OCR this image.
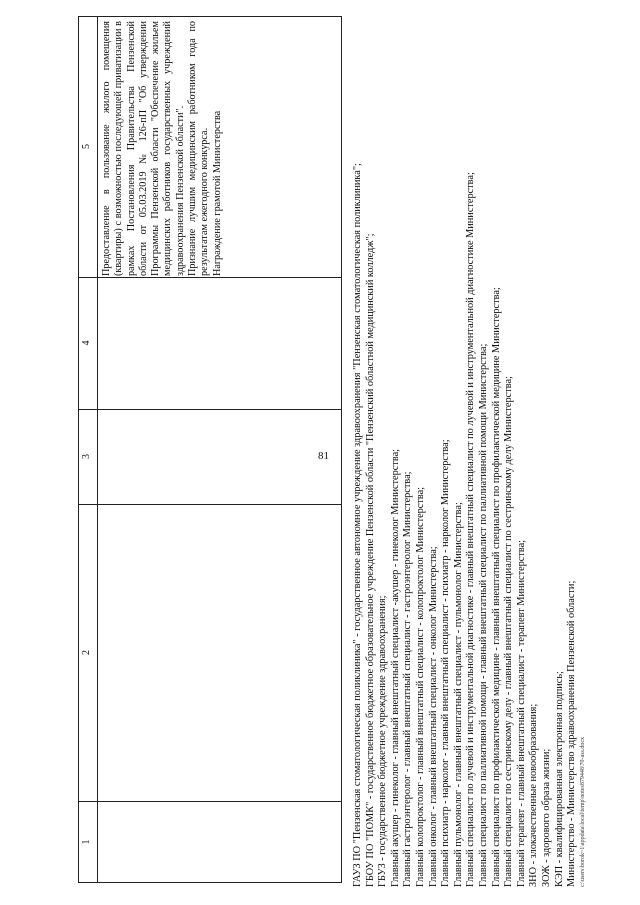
81
1
2
3
4
5 Предоставление в пользование жилого помещения (квартиры) с возможностью последующей приватизации в рамках Постановления Правительства Пензенской области от 05.03.2019 № 126-пП "Об утверждении Программы Пензенской области "Обеспечение жильем медицинских работников государственных учреждений здравоохранения Пензенской области". Признание лучшим медицинским работником года по результатам ежегодного конкурса. Награждение грамотой Министерства	ГАУЗ ПО "Пензенская стоматологическая поликлиника" - государственное автономное учреждение здравоохранения "Пензенская стоматологическая поликлиника"; ГБОУ ПО "ПОМК" - государственное бюджетное образовательное учреждение Пензенской области "Пензенский областной медицинский колледж"; ГБУЗ - государственное бюджетное учреждение здравоохранения; Главный акушер - гинеколог - главный внештатный специалист -акушер - гинеколог Министерства; Главный гастроэнтеролог - главный внештатный специалист - гастроэнтеролог Министерства; Главный колопроктолог - главный внештатный специалист - колопроктолог Министерства; Главный онколог - главный внештатный специалист - онколог Министерства; Главный психиатр - нарколог - главный внештатный специалист - психиатр - нарколог Министерства; Главный пульмонолог - главный внештатный специалист - пульмонолог Министерства; Главный специалист по лучевой и инструментальной диагностике - главный внештатный специалист по лучевой и инструментальной диагностике Министерства; Главный специалист по паллиативной помощи - главный внештатный специалист по паллиативной помощи Министерства; Главный специалист по профилактической медицине - главный внештатный специалист по профилактической медицине Министерства; Главный специалист по сестринскому делу - главный внештатный специалист по сестринскому делу Министерства; Главный терапевт - главный внештатный специалист - терапевт Министерства; ЗНО - злокачественные новообразования; ЗОЖ - здорового образа жизни; КЭП - квалифицированная электронная подпись; Министерство - Министерство здравоохранения Пензенской области; c:\users\borok~1\appdata\local\temp\notes879448\70-ass.docx
